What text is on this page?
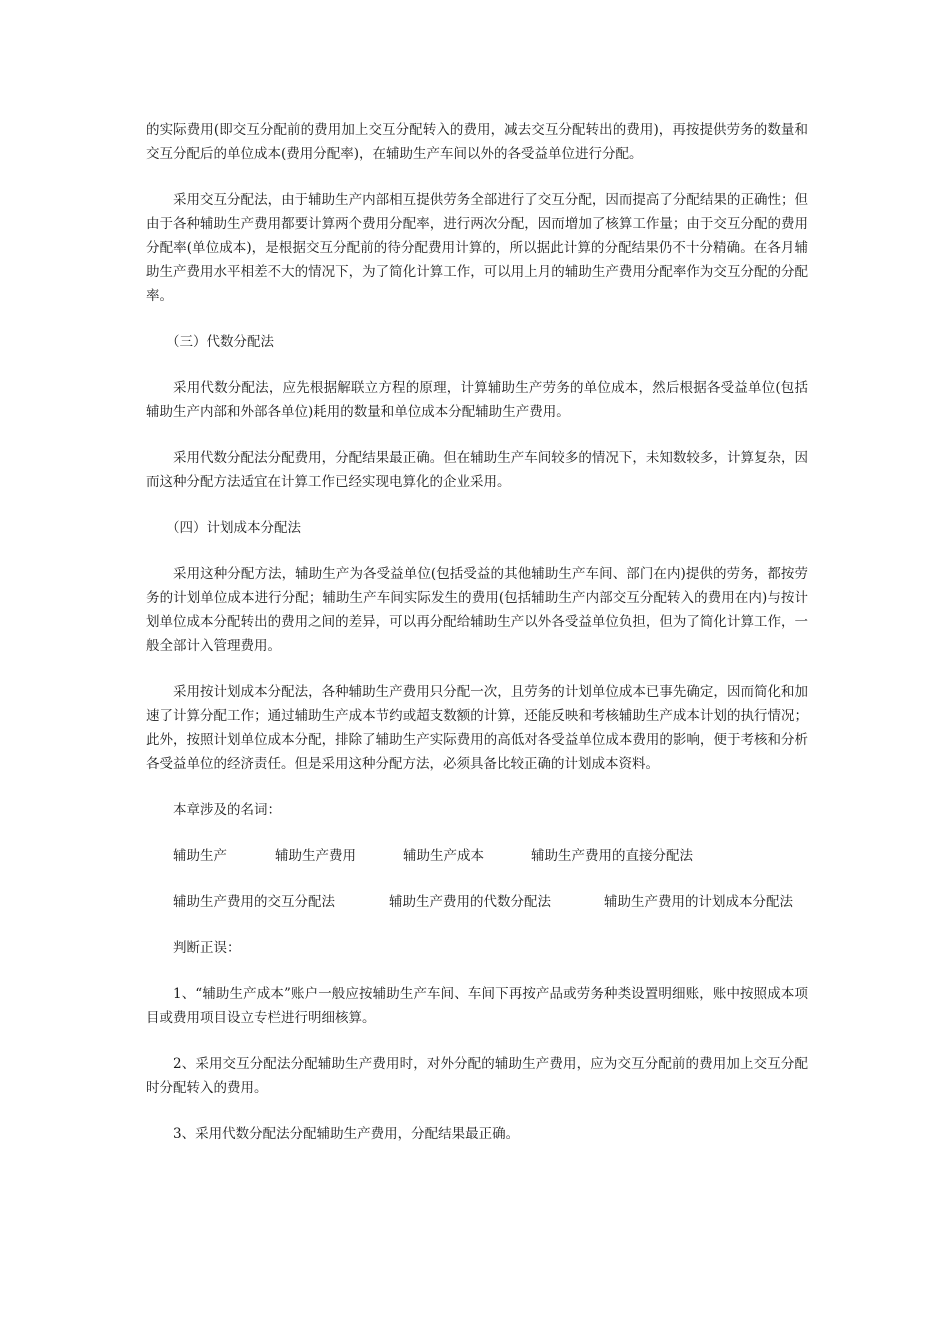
的实际费用(即交互分配前的费用加上交互分配转入的费用，减去交互分配转出的费用)，再按提供劳务的数量和交互分配后的单位成本(费用分配率)，在辅助生产车间以外的各受益单位进行分配。

采用交互分配法，由于辅助生产内部相互提供劳务全部进行了交互分配，因而提高了分配结果的正确性；但由于各种辅助生产费用都要计算两个费用分配率，进行两次分配，因而增加了核算工作量；由于交互分配的费用分配率(单位成本)，是根据交互分配前的待分配费用计算的，所以据此计算的分配结果仍不十分精确。在各月辅助生产费用水平相差不大的情况下，为了简化计算工作，可以用上月的辅助生产费用分配率作为交互分配的分配率。

（三）代数分配法

采用代数分配法，应先根据解联立方程的原理，计算辅助生产劳务的单位成本，然后根据各受益单位(包括辅助生产内部和外部各单位)耗用的数量和单位成本分配辅助生产费用。

采用代数分配法分配费用，分配结果最正确。但在辅助生产车间较多的情况下，未知数较多，计算复杂，因而这种分配方法适宜在计算工作已经实现电算化的企业采用。

（四）计划成本分配法

采用这种分配方法，辅助生产为各受益单位(包括受益的其他辅助生产车间、部门在内)提供的劳务，都按劳务的计划单位成本进行分配；辅助生产车间实际发生的费用(包括辅助生产内部交互分配转入的费用在内)与按计划单位成本分配转出的费用之间的差异，可以再分配给辅助生产以外各受益单位负担，但为了简化计算工作，一般全部计入管理费用。

采用按计划成本分配法，各种辅助生产费用只分配一次，且劳务的计划单位成本已事先确定，因而简化和加速了计算分配工作；通过辅助生产成本节约或超支数额的计算，还能反映和考核辅助生产成本计划的执行情况；此外，按照计划单位成本分配，排除了辅助生产实际费用的高低对各受益单位成本费用的影响，便于考核和分析各受益单位的经济责任。但是采用这种分配方法，必须具备比较正确的计划成本资料。

本章涉及的名词：

辅助生产	辅助生产费用	辅助生产成本	辅助生产费用的直接分配法
辅助生产费用的交互分配法	辅助生产费用的代数分配法	辅助生产费用的计划成本分配法

判断正误：

1、“辅助生产成本”账户一般应按辅助生产车间、车间下再按产品或劳务种类设置明细账，账中按照成本项目或费用项目设立专栏进行明细核算。

2、采用交互分配法分配辅助生产费用时，对外分配的辅助生产费用，应为交互分配前的费用加上交互分配时分配转入的费用。

3、采用代数分配法分配辅助生产费用，分配结果最正确。
